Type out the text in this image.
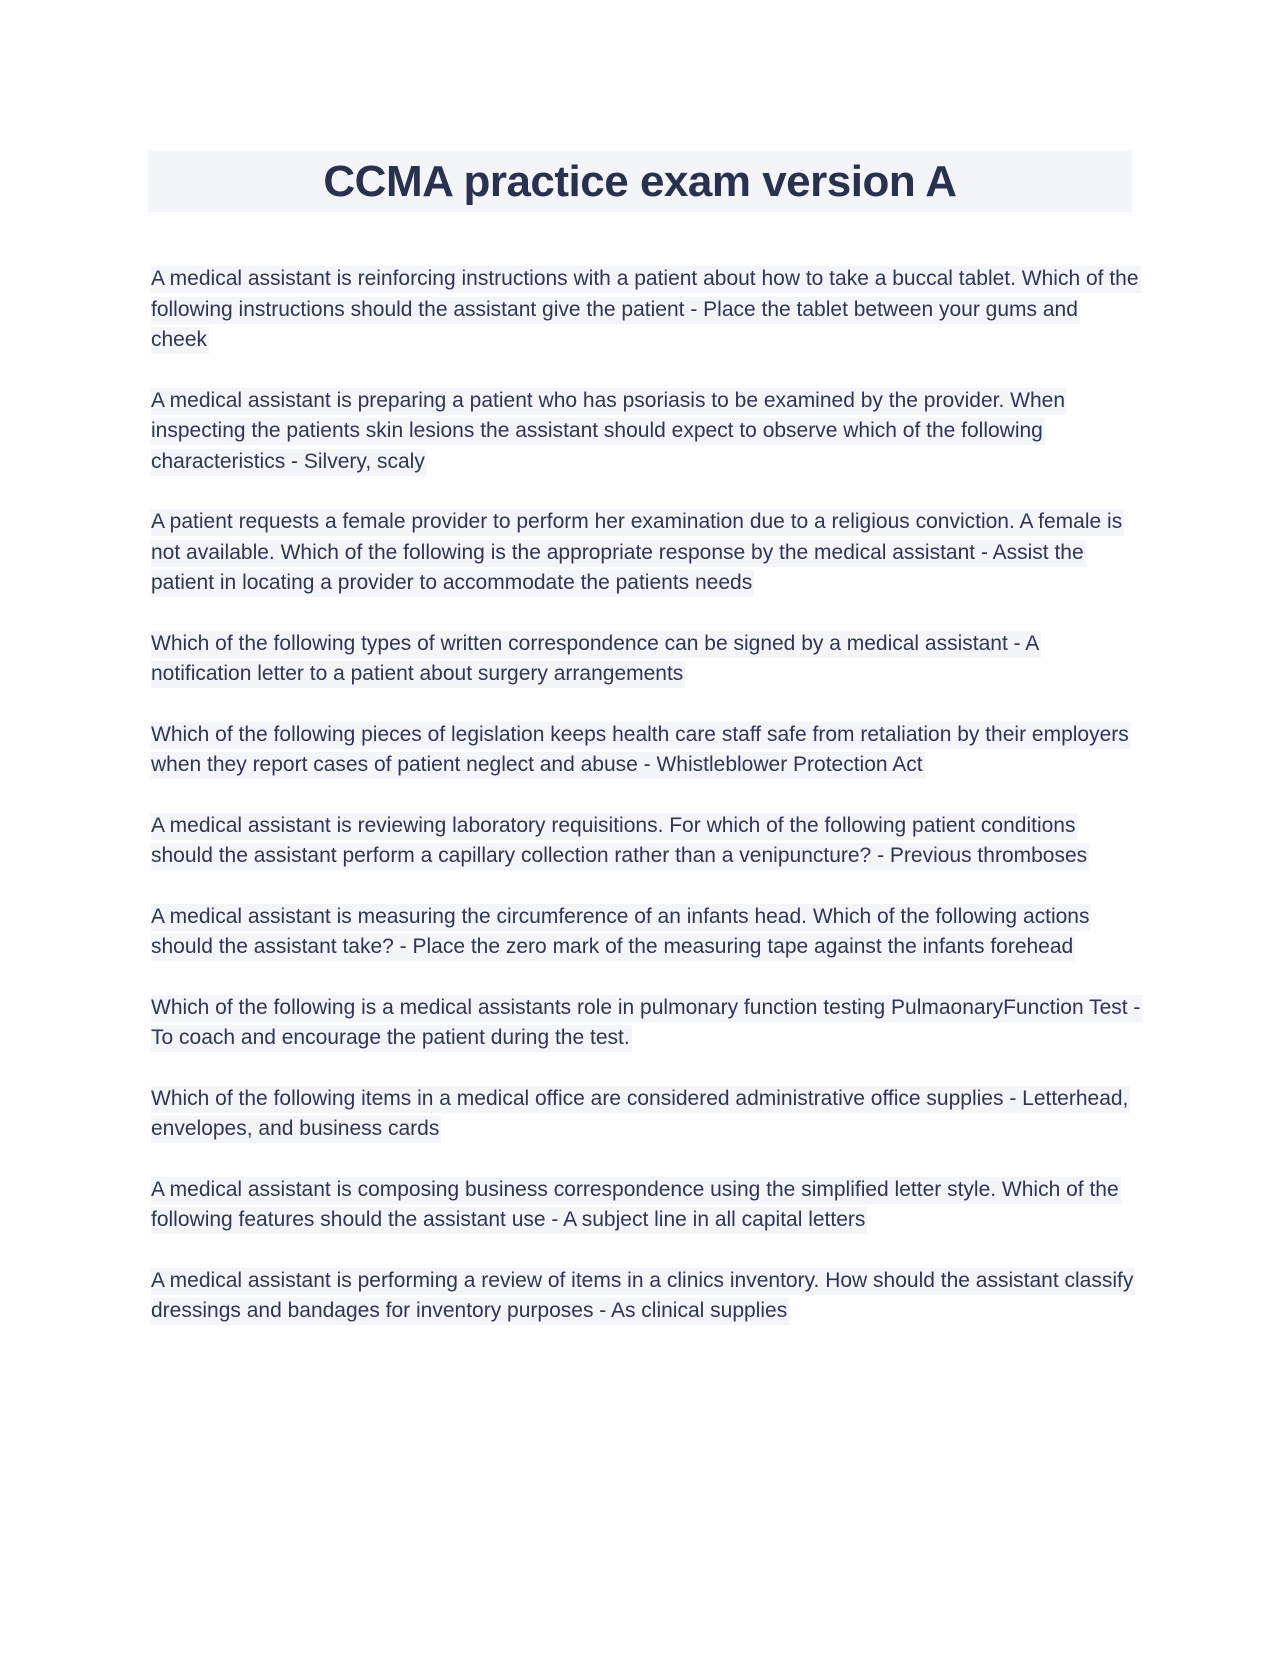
CCMA practice exam version A
A medical assistant is reinforcing instructions with a patient about how to take a buccal tablet. Which of the following instructions should the assistant give the patient - Place the tablet between your gums and cheek
A medical assistant is preparing a patient who has psoriasis to be examined by the provider. When inspecting the patients skin lesions the assistant should expect to observe which of the following characteristics - Silvery, scaly
A patient requests a female provider to perform her examination due to a religious conviction. A female is not available. Which of the following is the appropriate response by the medical assistant - Assist the patient in locating a provider to accommodate the patients needs
Which of the following types of written correspondence can be signed by a medical assistant - A notification letter to a patient about surgery arrangements
Which of the following pieces of legislation keeps health care staff safe from retaliation by their employers when they report cases of patient neglect and abuse - Whistleblower Protection Act
A medical assistant is reviewing laboratory requisitions. For which of the following patient conditions should the assistant perform a capillary collection rather than a venipuncture? - Previous thromboses
A medical assistant is measuring the circumference of an infants head. Which of the following actions should the assistant take? - Place the zero mark of the measuring tape against the infants forehead
Which of the following is a medical assistants role in pulmonary function testing PulmaonaryFunction Test - To coach and encourage the patient during the test.
Which of the following items in a medical office are considered administrative office supplies - Letterhead, envelopes, and business cards
A medical assistant is composing business correspondence using the simplified letter style. Which of the following features should the assistant use - A subject line in all capital letters
A medical assistant is performing a review of items in a clinics inventory. How should the assistant classify dressings and bandages for inventory purposes - As clinical supplies
